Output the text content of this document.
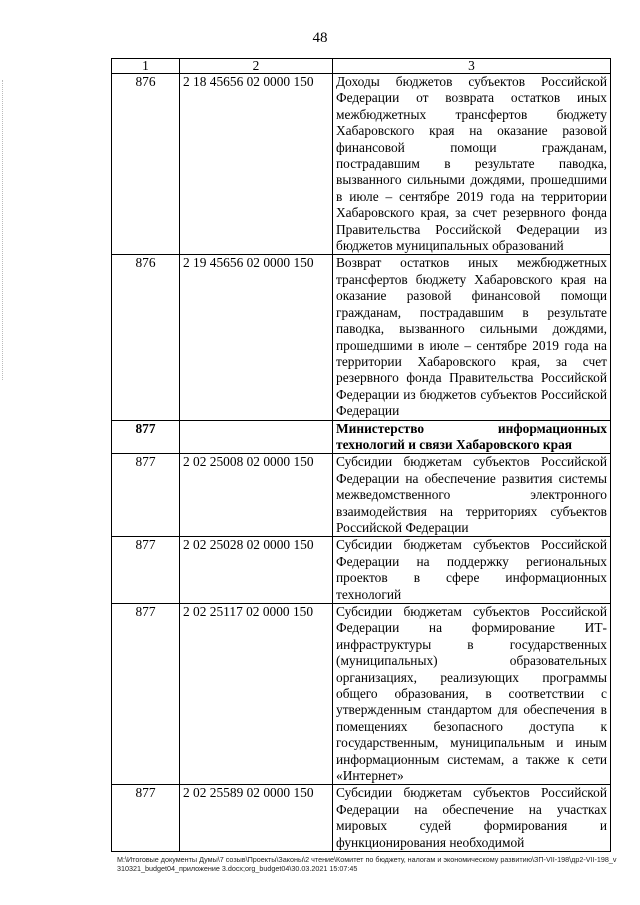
48
1	2	3
876	2 18 45656 02 0000 150	Доходы бюджетов субъектов Российской Федерации от возврата остатков иных межбюджетных трансфертов бюджету Хабаровского края на оказание разовой финансовой помощи гражданам, пострадавшим в результате паводка, вызванного сильными дождями, прошедшими в июле – сентябре 2019 года на территории Хабаровского края, за счет резервного фонда Правительства Российской Федерации из бюджетов муниципальных образований
876	2 19 45656 02 0000 150	Возврат остатков иных межбюджетных трансфертов бюджету Хабаровского края на оказание разовой финансовой помощи гражданам, пострадавшим в результате паводка, вызванного сильными дождями, прошедшими в июле – сентябре 2019 года на территории Хабаровского края, за счет резервного фонда Правительства Российской Федерации из бюджетов субъектов Российской Федерации
877		Министерство информационных технологий и связи Хабаровского края
877	2 02 25008 02 0000 150	Субсидии бюджетам субъектов Российской Федерации на обеспечение развития системы межведомственного электронного взаимодействия на территориях субъектов Российской Федерации
877	2 02 25028 02 0000 150	Субсидии бюджетам субъектов Российской Федерации на поддержку региональных проектов в сфере информационных технологий
877	2 02 25117 02 0000 150	Субсидии бюджетам субъектов Российской Федерации на формирование ИТ-инфраструктуры в государственных (муниципальных) образовательных организациях, реализующих программы общего образования, в соответствии с утвержденным стандартом для обеспечения в помещениях безопасного доступа к государственным, муниципальным и иным информационным системам, а также к сети «Интернет»
877	2 02 25589 02 0000 150	Субсидии бюджетам субъектов Российской Федерации на обеспечение на участках мировых судей формирования и функционирования необходимой
M:\Итоговые документы Думы\7 созыв\Проекты\Законы\2 чтение\Комитет по бюджету, налогам и экономическому развитию\ЗП-VII-198\др2-VII-198_v310321_budget04_приложение 3.docx;org_budget04\30.03.2021 15:07:45
